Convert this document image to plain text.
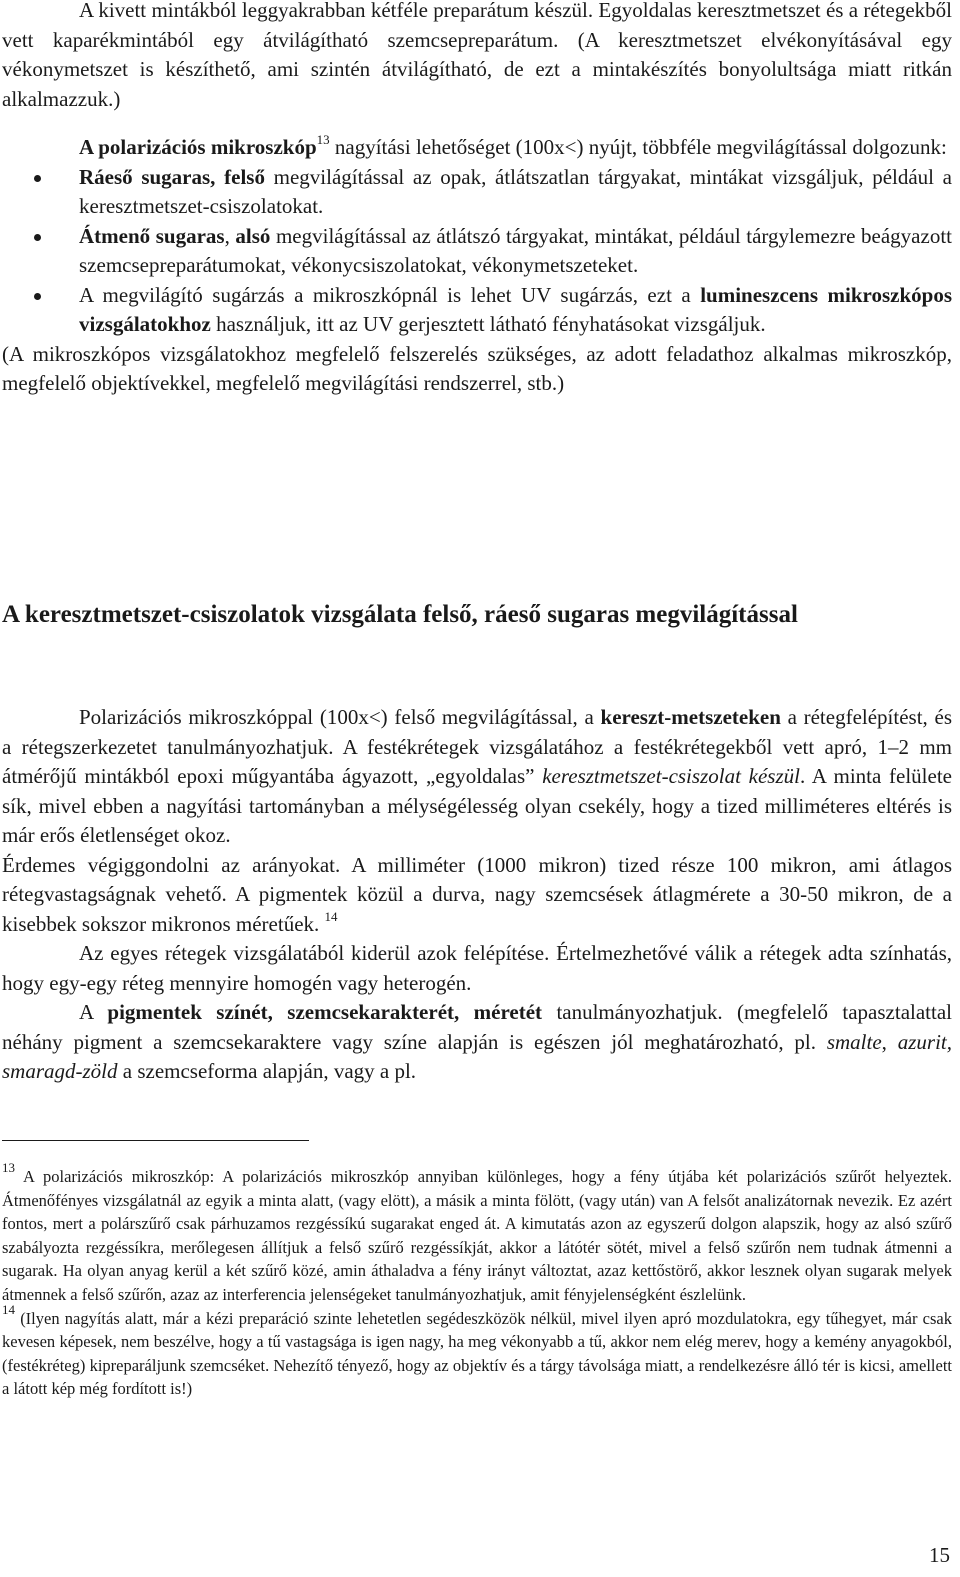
A kivett mintákból leggyakrabban kétféle preparátum készül. Egyoldalas keresztmetszet és a rétegekből vett kaparékmintából egy átvilágítható szemcsepreparátum. (A keresztmetszet elvékonyításával egy vékonymetszet is készíthető, ami szintén átvilágítható, de ezt a mintakészítés bonyolultsága miatt ritkán alkalmazzuk.)

A polarizációs mikroszkóp$^{13}$ nagyítási lehetőséget (100x<) nyújt, többféle megvilágítással dolgozunk:

Ráeső sugaras, felső megvilágítással az opak, átlátszatlan tárgyakat, mintákat vizsgáljuk, például a keresztmetszet-csiszolatokat.

Átmenő sugaras, alsó megvilágítással az átlátszó tárgyakat, mintákat, például tárgylemezre beágyazott szemcsepreparátumokat, vékonycsiszolatokat, vékonymetszeteket.

A megvilágító sugárzás a mikroszkópnál is lehet UV sugárzás, ezt a lumineszcens mikroszkópos vizsgálatokhoz használjuk, itt az UV gerjesztett látható fényhatásokat vizsgáljuk.

(A mikroszkópos vizsgálatokhoz megfelelő felszerelés szükséges, az adott feladathoz alkalmas mikroszkóp, megfelelő objektívekkel, megfelelő megvilágítási rendszerrel, stb.)

A keresztmetszet-csiszolatok vizsgálata felső, ráeső sugaras megvilágítással

Polarizációs mikroszkóppal (100x<) felső megvilágítással, a kereszt-metszeteken a rétegfelépítést, és a rétegszerkezetet tanulmányozhatjuk. A festékrétegek vizsgálatához a festékrétegekből vett apró, 1–2 mm átmérőjű mintákból epoxi műgyantába ágyazott, „egyoldalas” keresztmetszet-csiszolat készül. A minta felülete sík, mivel ebben a nagyítási tartományban a mélységélesség olyan csekély, hogy a tized milliméteres eltérés is már erős életlenséget okoz.

Érdemes végiggondolni az arányokat. A milliméter (1000 mikron) tized része 100 mikron, ami átlagos rétegvastagságnak vehető. A pigmentek közül a durva, nagy szemcsések átlagmérete a 30-50 mikron, de a kisebbek sokszor mikronos méretűek. $^{14}$

Az egyes rétegek vizsgálatából kiderül azok felépítése. Értelmezhetővé válik a rétegek adta színhatás, hogy egy-egy réteg mennyire homogén vagy heterogén.

A pigmentek színét, szemcsekarakterét, méretét tanulmányozhatjuk. (megfelelő tapasztalattal néhány pigment a szemcsekaraktere vagy színe alapján is egészen jól meghatározható, pl. smalte, azurit, smaragd-zöld a szemcseforma alapján, vagy a pl.

$^{13}$ A polarizációs mikroszkóp: A polarizációs mikroszkóp annyiban különleges, hogy a fény útjába két polarizációs szűrőt helyeztek. Átmenőfényes vizsgálatnál az egyik a minta alatt, (vagy elött), a másik a minta fölött, (vagy után) van A felsőt analizátornak nevezik. Ez azért fontos, mert a polárszűrő csak párhuzamos rezgéssíkú sugarakat enged át. A kimutatás azon az egyszerű dolgon alapszik, hogy az alsó szűrő szabályozta rezgéssíkra, merőlegesen állítjuk a felső szűrő rezgéssíkját, akkor a látótér sötét, mivel a felső szűrőn nem tudnak átmenni a sugarak. Ha olyan anyag kerül a két szűrő közé, amin áthaladva a fény irányt változtat, azaz kettőstörő, akkor lesznek olyan sugarak melyek átmennek a felső szűrőn, azaz az interferencia jelenségeket tanulmányozhatjuk, amit fényjelenségként észlelünk.

$^{14}$ (Ilyen nagyítás alatt, már a kézi preparáció szinte lehetetlen segédeszközök nélkül, mivel ilyen apró mozdulatokra, egy tűhegyet, már csak kevesen képesek, nem beszélve, hogy a tű vastagsága is igen nagy, ha meg vékonyabb a tű, akkor nem elég merev, hogy a kemény anyagokból, (festékréteg) kipreparáljunk szemcséket. Nehezítő tényező, hogy az objektív és a tárgy távolsága miatt, a rendelkezésre álló tér is kicsi, amellett a látott kép még fordított is!)

15
